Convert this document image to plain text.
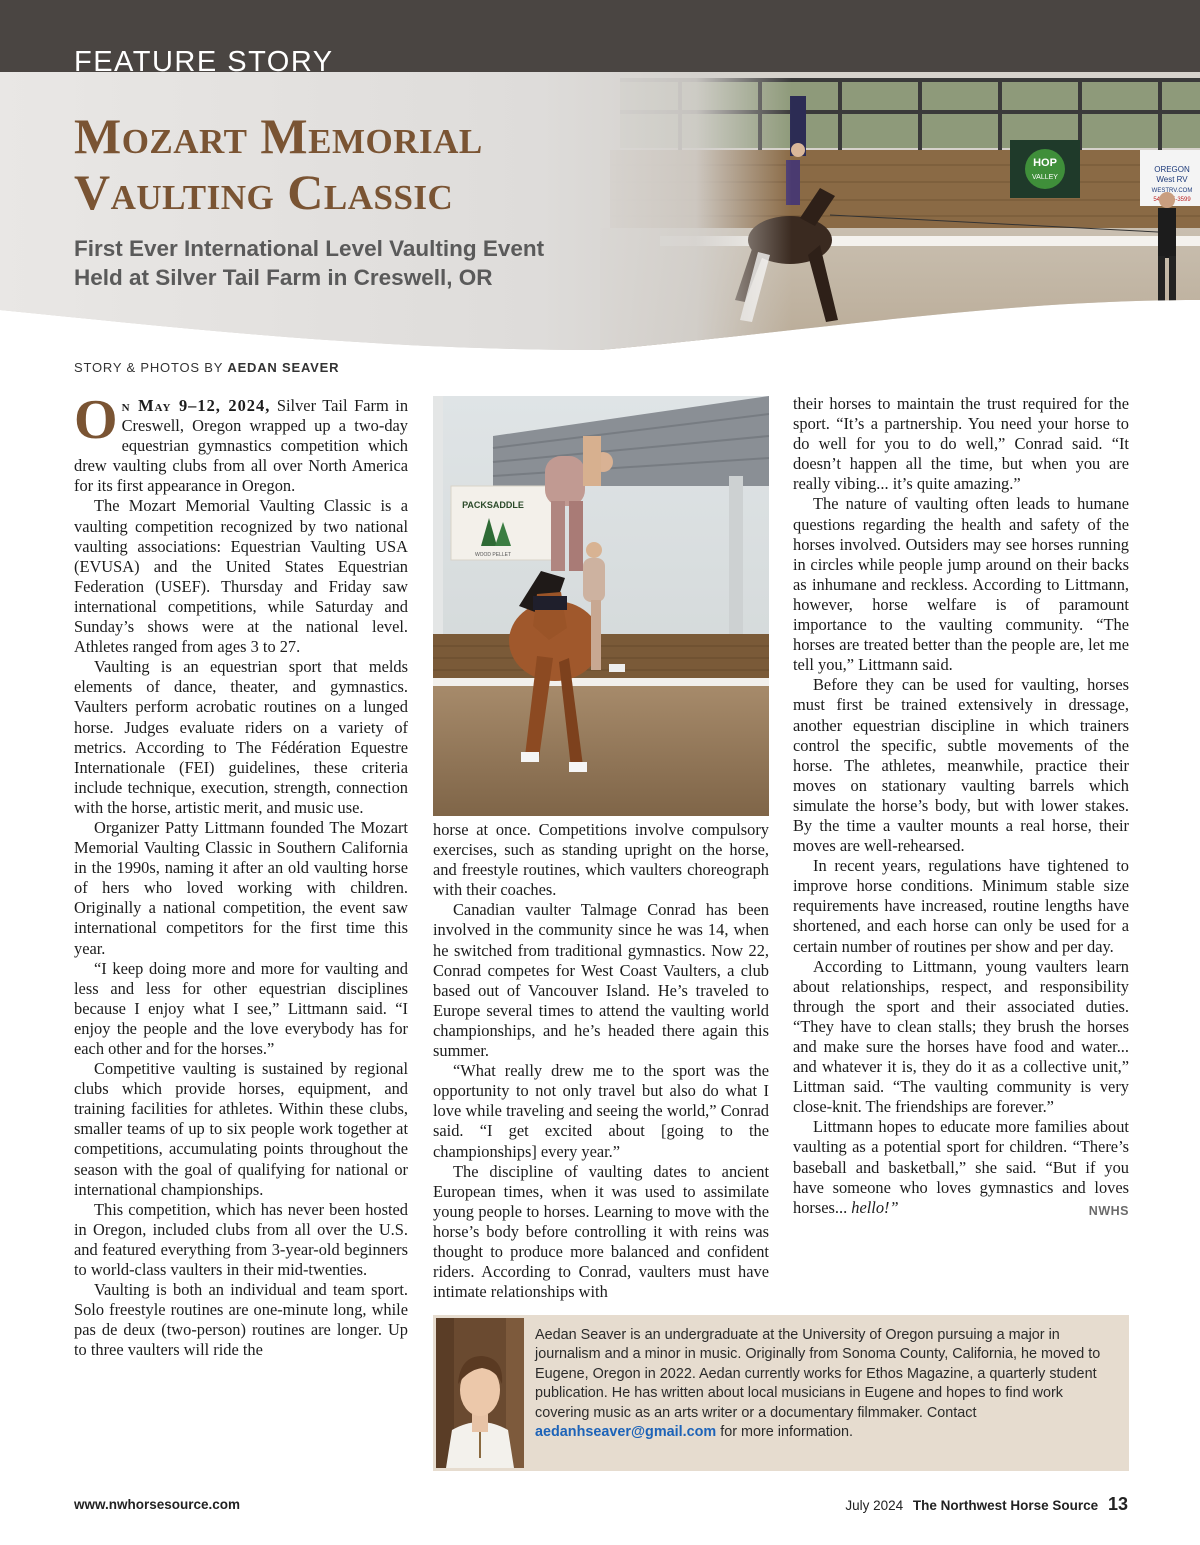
FEATURE STORY
Mozart Memorial
Vaulting Classic
First Ever International Level Vaulting Event
Held at Silver Tail Farm in Creswell, OR
STORY & PHOTOS BY AEDAN SEAVER

On May 9–12, 2024, Silver Tail Farm in Creswell, Oregon wrapped up a two-day equestrian gymnastics competition which drew vaulting clubs from all over North America for its first appearance in Oregon.

The Mozart Memorial Vaulting Classic is a vaulting competition recognized by two national vaulting associations: Equestrian Vaulting USA (EVUSA) and the United States Equestrian Federation (USEF). Thursday and Friday saw international competitions, while Saturday and Sunday’s shows were at the national level. Athletes ranged from ages 3 to 27.

Vaulting is an equestrian sport that melds elements of dance, theater, and gymnastics. Vaulters perform acrobatic routines on a lunged horse. Judges evaluate riders on a variety of metrics. According to The Fédération Equestre Internationale (FEI) guidelines, these criteria include technique, execution, strength, connection with the horse, artistic merit, and music use.

Organizer Patty Littmann founded The Mozart Memorial Vaulting Classic in Southern California in the 1990s, naming it after an old vaulting horse of hers who loved working with children. Originally a national competition, the event saw international competitors for the first time this year.

“I keep doing more and more for vaulting and less and less for other equestrian disciplines because I enjoy what I see,” Littmann said. “I enjoy the people and the love everybody has for each other and for the horses.”

Competitive vaulting is sustained by regional clubs which provide horses, equipment, and training facilities for athletes. Within these clubs, smaller teams of up to six people work together at competitions, accumulating points throughout the season with the goal of qualifying for national or international championships.

This competition, which has never been hosted in Oregon, included clubs from all over the U.S. and featured everything from 3-year-old beginners to world-class vaulters in their mid-twenties.

Vaulting is both an individual and team sport. Solo freestyle routines are one-minute long, while pas de deux (two-person) routines are longer. Up to three vaulters will ride the

PACKSADDLE
WOOD PELLET

horse at once. Competitions involve compulsory exercises, such as standing upright on the horse, and freestyle routines, which vaulters choreograph with their coaches.

Canadian vaulter Talmage Conrad has been involved in the community since he was 14, when he switched from traditional gymnastics. Now 22, Conrad competes for West Coast Vaulters, a club based out of Vancouver Island. He’s traveled to Europe several times to attend the vaulting world championships, and he’s headed there again this summer.

“What really drew me to the sport was the opportunity to not only travel but also do what I love while traveling and seeing the world,” Conrad said. “I get excited about [going to the championships] every year.”

The discipline of vaulting dates to ancient European times, when it was used to assimilate young people to horses. Learning to move with the horse’s body before controlling it with reins was thought to produce more balanced and confident riders. According to Conrad, vaulters must have intimate relationships with

their horses to maintain the trust required for the sport. “It’s a partnership. You need your horse to do well for you to do well,” Conrad said. “It doesn’t happen all the time, but when you are really vibing... it’s quite amazing.”

The nature of vaulting often leads to humane questions regarding the health and safety of the horses involved. Outsiders may see horses running in circles while people jump around on their backs as inhumane and reckless. According to Littmann, however, horse welfare is of paramount importance to the vaulting community. “The horses are treated better than the people are, let me tell you,” Littmann said.

Before they can be used for vaulting, horses must first be trained extensively in dressage, another equestrian discipline in which trainers control the specific, subtle movements of the horse. The athletes, meanwhile, practice their moves on stationary vaulting barrels which simulate the horse’s body, but with lower stakes. By the time a vaulter mounts a real horse, their moves are well-rehearsed.

In recent years, regulations have tightened to improve horse conditions. Minimum stable size requirements have increased, routine lengths have shortened, and each horse can only be used for a certain number of routines per show and per day.

According to Littmann, young vaulters learn about relationships, respect, and responsibility through the sport and their associated duties. “They have to clean stalls; they brush the horses and make sure the horses have food and water... and whatever it is, they do it as a collective unit,” Littman said. “The vaulting community is very close-knit. The friendships are forever.”

Littmann hopes to educate more families about vaulting as a potential sport for children. “There’s baseball and basketball,” she said. “But if you have someone who loves gymnastics and loves horses... hello!”	NWHS

Aedan Seaver is an undergraduate at the University of Oregon pursuing a major in journalism and a minor in music. Originally from Sonoma County, California, he moved to Eugene, Oregon in 2022. Aedan currently works for Ethos Magazine, a quarterly student publication. He has written about local musicians in Eugene and hopes to find work covering music as an arts writer or a documentary filmmaker. Contact aedanhseaver@gmail.com for more information.

www.nwhorsesource.com	July 2024 The Northwest Horse Source 13
